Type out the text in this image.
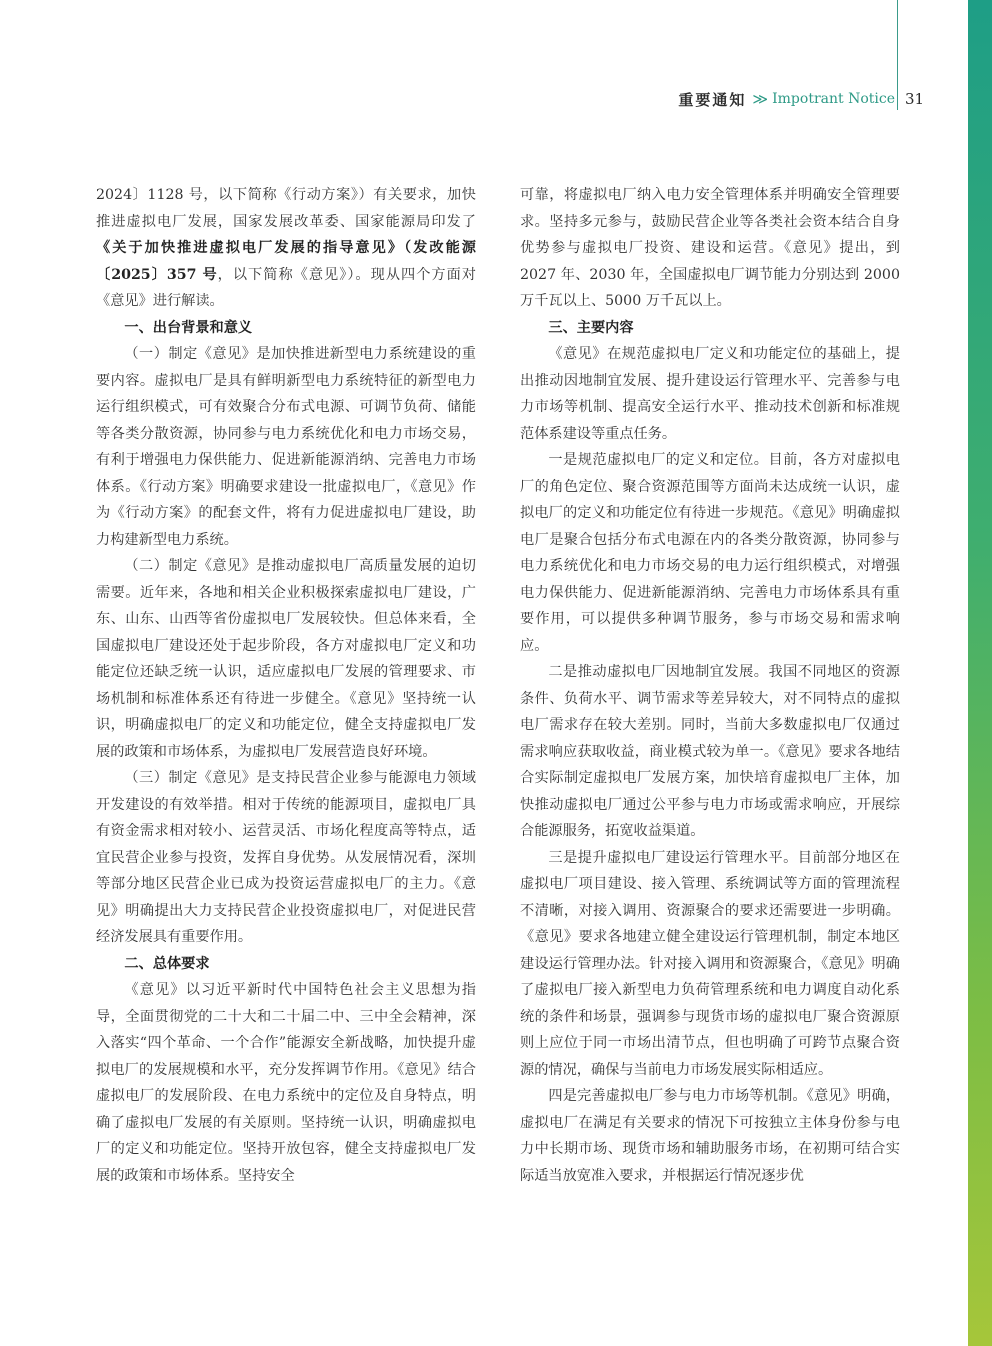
重要通知 ≫ Impotrant Notice 31

2024〕1128 号，以下简称《行动方案》）有关要求，加快推进虚拟电厂发展，国家发展改革委、国家能源局印发了《关于加快推进虚拟电厂发展的指导意见》（发改能源〔2025〕357 号，以下简称《意见》）。现从四个方面对《意见》进行解读。

一、出台背景和意义

（一）制定《意见》是加快推进新型电力系统建设的重要内容。虚拟电厂是具有鲜明新型电力系统特征的新型电力运行组织模式，可有效聚合分布式电源、可调节负荷、储能等各类分散资源，协同参与电力系统优化和电力市场交易，有利于增强电力保供能力、促进新能源消纳、完善电力市场体系。《行动方案》明确要求建设一批虚拟电厂，《意见》作为《行动方案》的配套文件，将有力促进虚拟电厂建设，助力构建新型电力系统。

（二）制定《意见》是推动虚拟电厂高质量发展的迫切需要。近年来，各地和相关企业积极探索虚拟电厂建设，广东、山东、山西等省份虚拟电厂发展较快。但总体来看，全国虚拟电厂建设还处于起步阶段，各方对虚拟电厂定义和功能定位还缺乏统一认识，适应虚拟电厂发展的管理要求、市场机制和标准体系还有待进一步健全。《意见》坚持统一认识，明确虚拟电厂的定义和功能定位，健全支持虚拟电厂发展的政策和市场体系，为虚拟电厂发展营造良好环境。

（三）制定《意见》是支持民营企业参与能源电力领域开发建设的有效举措。相对于传统的能源项目，虚拟电厂具有资金需求相对较小、运营灵活、市场化程度高等特点，适宜民营企业参与投资，发挥自身优势。从发展情况看，深圳等部分地区民营企业已成为投资运营虚拟电厂的主力。《意见》明确提出大力支持民营企业投资虚拟电厂，对促进民营经济发展具有重要作用。

二、总体要求

《意见》以习近平新时代中国特色社会主义思想为指导，全面贯彻党的二十大和二十届二中、三中全会精神，深入落实“四个革命、一个合作”能源安全新战略，加快提升虚拟电厂的发展规模和水平，充分发挥调节作用。《意见》结合虚拟电厂的发展阶段、在电力系统中的定位及自身特点，明确了虚拟电厂发展的有关原则。坚持统一认识，明确虚拟电厂的定义和功能定位。坚持开放包容，健全支持虚拟电厂发展的政策和市场体系。坚持安全

可靠，将虚拟电厂纳入电力安全管理体系并明确安全管理要求。坚持多元参与，鼓励民营企业等各类社会资本结合自身优势参与虚拟电厂投资、建设和运营。《意见》提出，到 2027 年、2030 年，全国虚拟电厂调节能力分别达到 2000 万千瓦以上、5000 万千瓦以上。

三、主要内容

《意见》在规范虚拟电厂定义和功能定位的基础上，提出推动因地制宜发展、提升建设运行管理水平、完善参与电力市场等机制、提高安全运行水平、推动技术创新和标准规范体系建设等重点任务。

一是规范虚拟电厂的定义和定位。目前，各方对虚拟电厂的角色定位、聚合资源范围等方面尚未达成统一认识，虚拟电厂的定义和功能定位有待进一步规范。《意见》明确虚拟电厂是聚合包括分布式电源在内的各类分散资源，协同参与电力系统优化和电力市场交易的电力运行组织模式，对增强电力保供能力、促进新能源消纳、完善电力市场体系具有重要作用，可以提供多种调节服务，参与市场交易和需求响应。

二是推动虚拟电厂因地制宜发展。我国不同地区的资源条件、负荷水平、调节需求等差异较大，对不同特点的虚拟电厂需求存在较大差别。同时，当前大多数虚拟电厂仅通过需求响应获取收益，商业模式较为单一。《意见》要求各地结合实际制定虚拟电厂发展方案，加快培育虚拟电厂主体，加快推动虚拟电厂通过公平参与电力市场或需求响应，开展综合能源服务，拓宽收益渠道。

三是提升虚拟电厂建设运行管理水平。目前部分地区在虚拟电厂项目建设、接入管理、系统调试等方面的管理流程不清晰，对接入调用、资源聚合的要求还需要进一步明确。《意见》要求各地建立健全建设运行管理机制，制定本地区建设运行管理办法。针对接入调用和资源聚合，《意见》明确了虚拟电厂接入新型电力负荷管理系统和电力调度自动化系统的条件和场景，强调参与现货市场的虚拟电厂聚合资源原则上应位于同一市场出清节点，但也明确了可跨节点聚合资源的情况，确保与当前电力市场发展实际相适应。

四是完善虚拟电厂参与电力市场等机制。《意见》明确，虚拟电厂在满足有关要求的情况下可按独立主体身份参与电力中长期市场、现货市场和辅助服务市场，在初期可结合实际适当放宽准入要求，并根据运行情况逐步优
